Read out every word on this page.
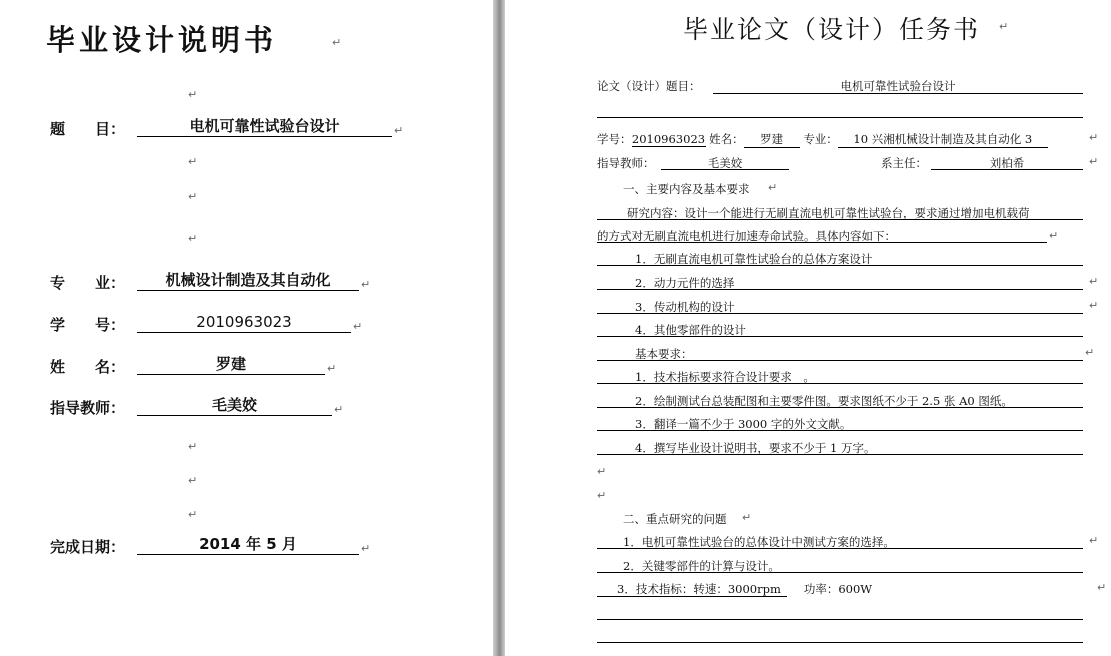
毕业设计说明书	↵
↵
题　　目：	电机可靠性试验台设计	↵
↵
↵
↵
专　　业：	机械设计制造及其自动化	↵
学　　号：	2010963023	↵
姓　　名：	罗建	↵
指导教师：	毛美姣	↵
↵
↵
↵
完成日期：	2014 年 5 月	↵
毕业论文（设计）任务书 ↵
论文（设计）题目：	电机可靠性试验台设计
学号：2010963023 姓名： 罗建 专业： 10 兴湘机械设计制造及其自动化 3	↵
指导教师：	毛美姣	系主任：	刘柏希	↵
一、主要内容及基本要求 ↵
研究内容：设计一个能进行无刷直流电机可靠性试验台，要求通过增加电机载荷
的方式对无刷直流电机进行加速寿命试验。具体内容如下：	↵
1．无刷直流电机可靠性试验台的总体方案设计
2．动力元件的选择	↵
3．传动机构的设计	↵
4．其他零部件的设计
基本要求：	↵
1．技术指标要求符合设计要求　。
2．绘制测试台总装配图和主要零件图。要求图纸不少于 2.5 张 A0 图纸。
3．翻译一篇不少于 3000 字的外文文献。
4．撰写毕业设计说明书，要求不少于 1 万字。
↵
↵
二、重点研究的问题 ↵
1．电机可靠性试验台的总体设计中测试方案的选择。	↵
2．关键零部件的计算与设计。
3．技术指标：转速：3000rpm　　功率：600W	↵
